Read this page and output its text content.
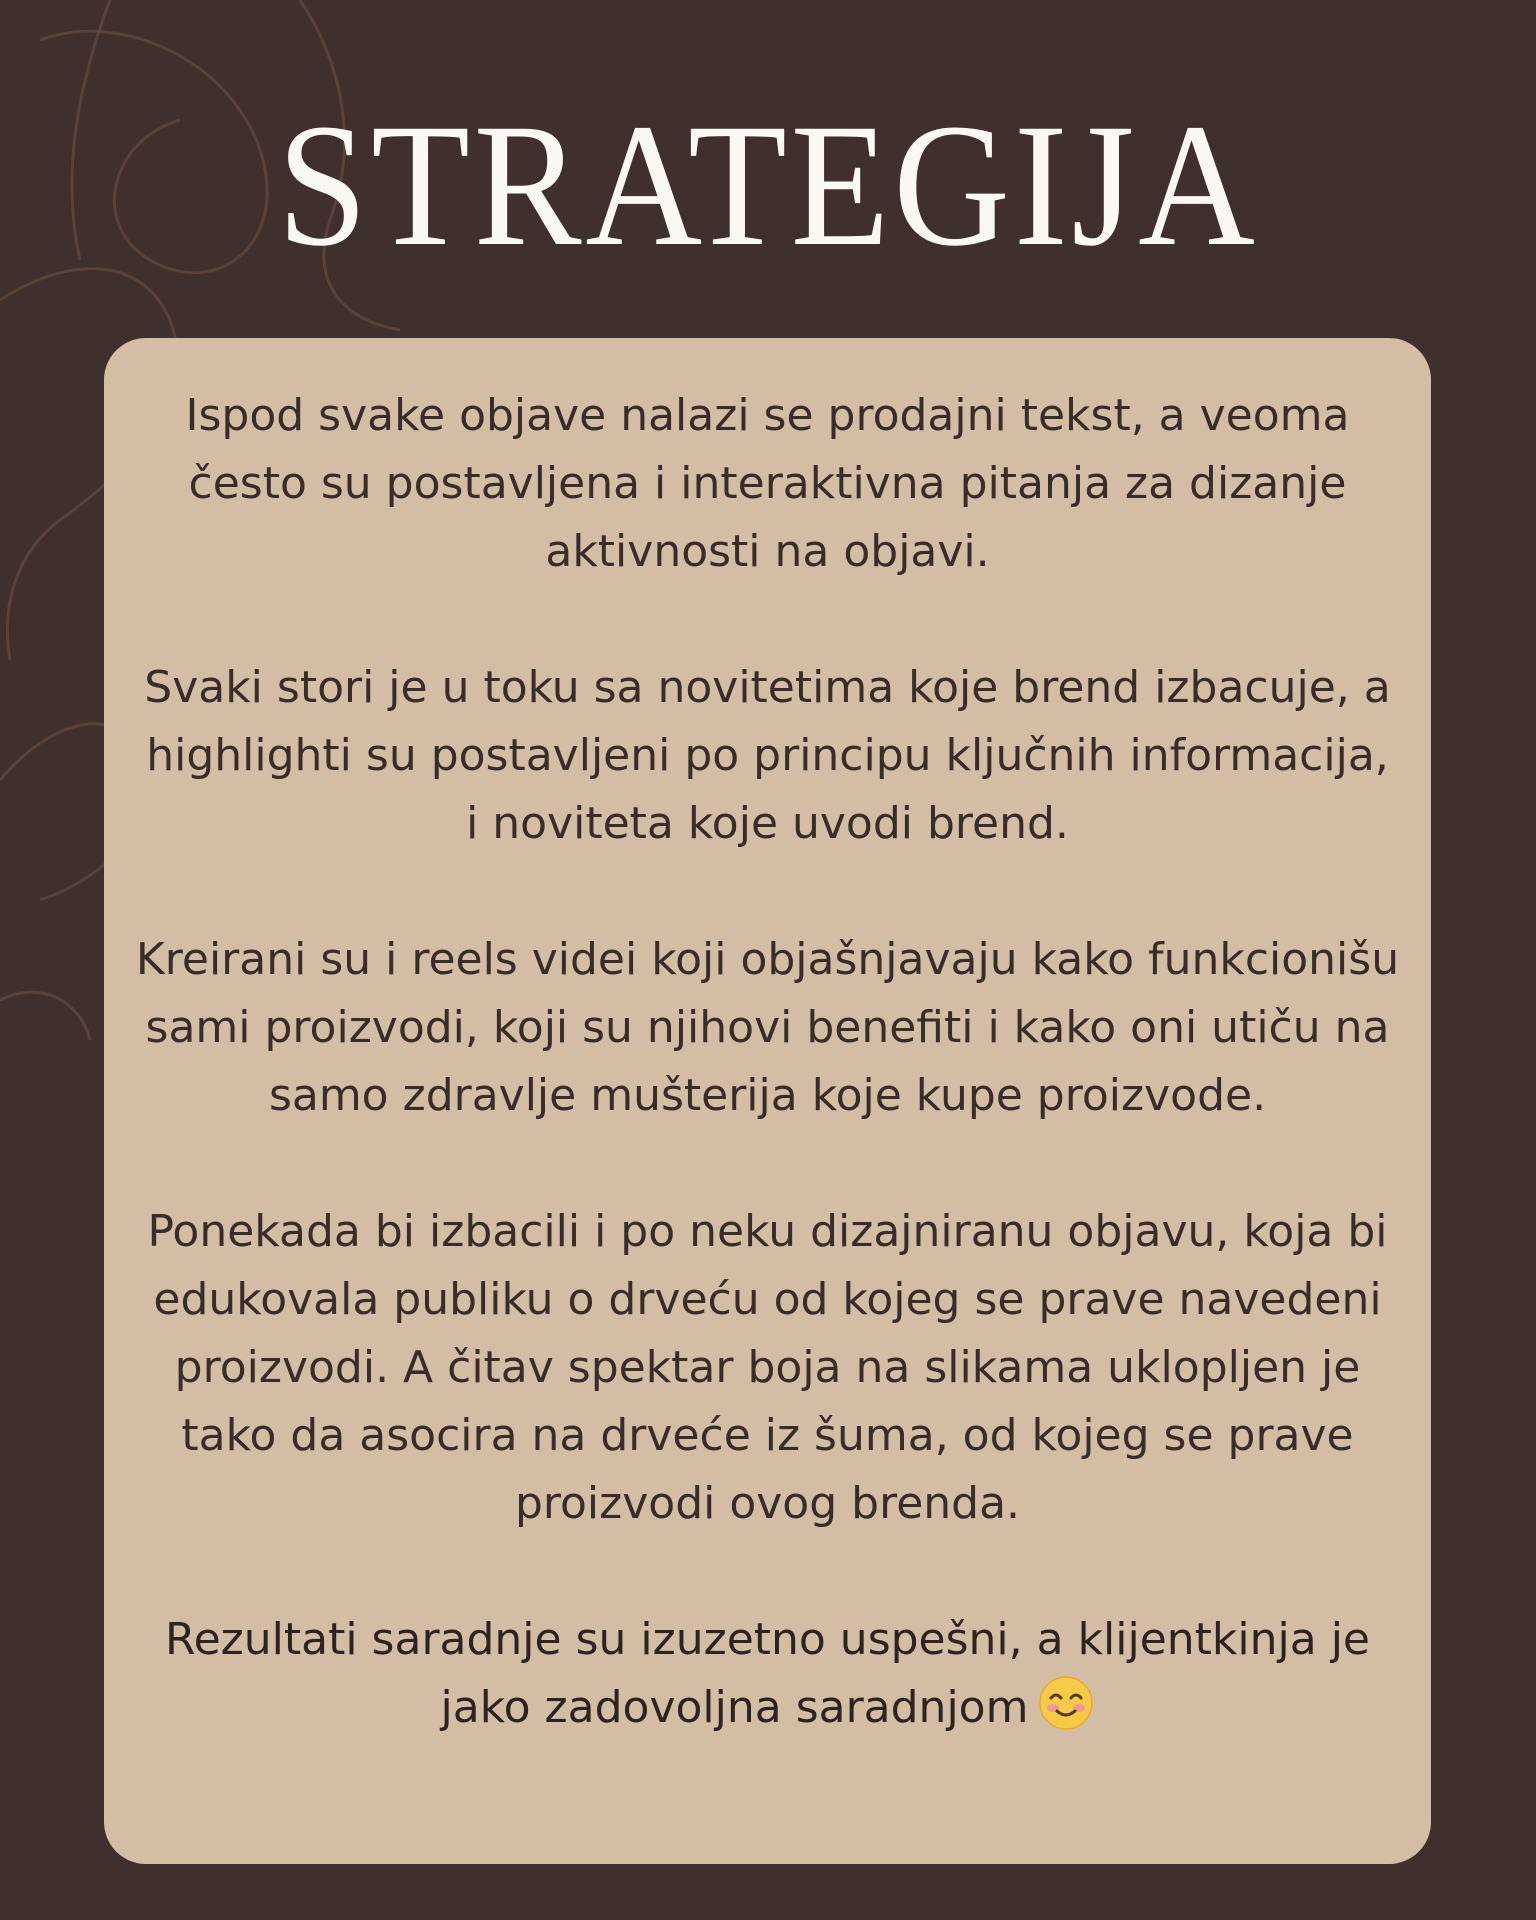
STRATEGIJA

Ispod svake objave nalazi se prodajni tekst, a veoma često su postavljena i interaktivna pitanja za dizanje aktivnosti na objavi.

Svaki stori je u toku sa novitetima koje brend izbacuje, a highlighti su postavljeni po principu ključnih informacija, i noviteta koje uvodi brend.

Kreirani su i reels videi koji objašnjavaju kako funkcionišu sami proizvodi, koji su njihovi benefiti i kako oni utiču na samo zdravlje mušterija koje kupe proizvode.

Ponekada bi izbacili i po neku dizajniranu objavu, koja bi edukovala publiku o drveću od kojeg se prave navedeni proizvodi. A čitav spektar boja na slikama uklopljen je tako da asocira na drveće iz šuma, od kojeg se prave proizvodi ovog brenda.

Rezultati saradnje su izuzetno uspešni, a klijentkinja je jako zadovoljna saradnjom
